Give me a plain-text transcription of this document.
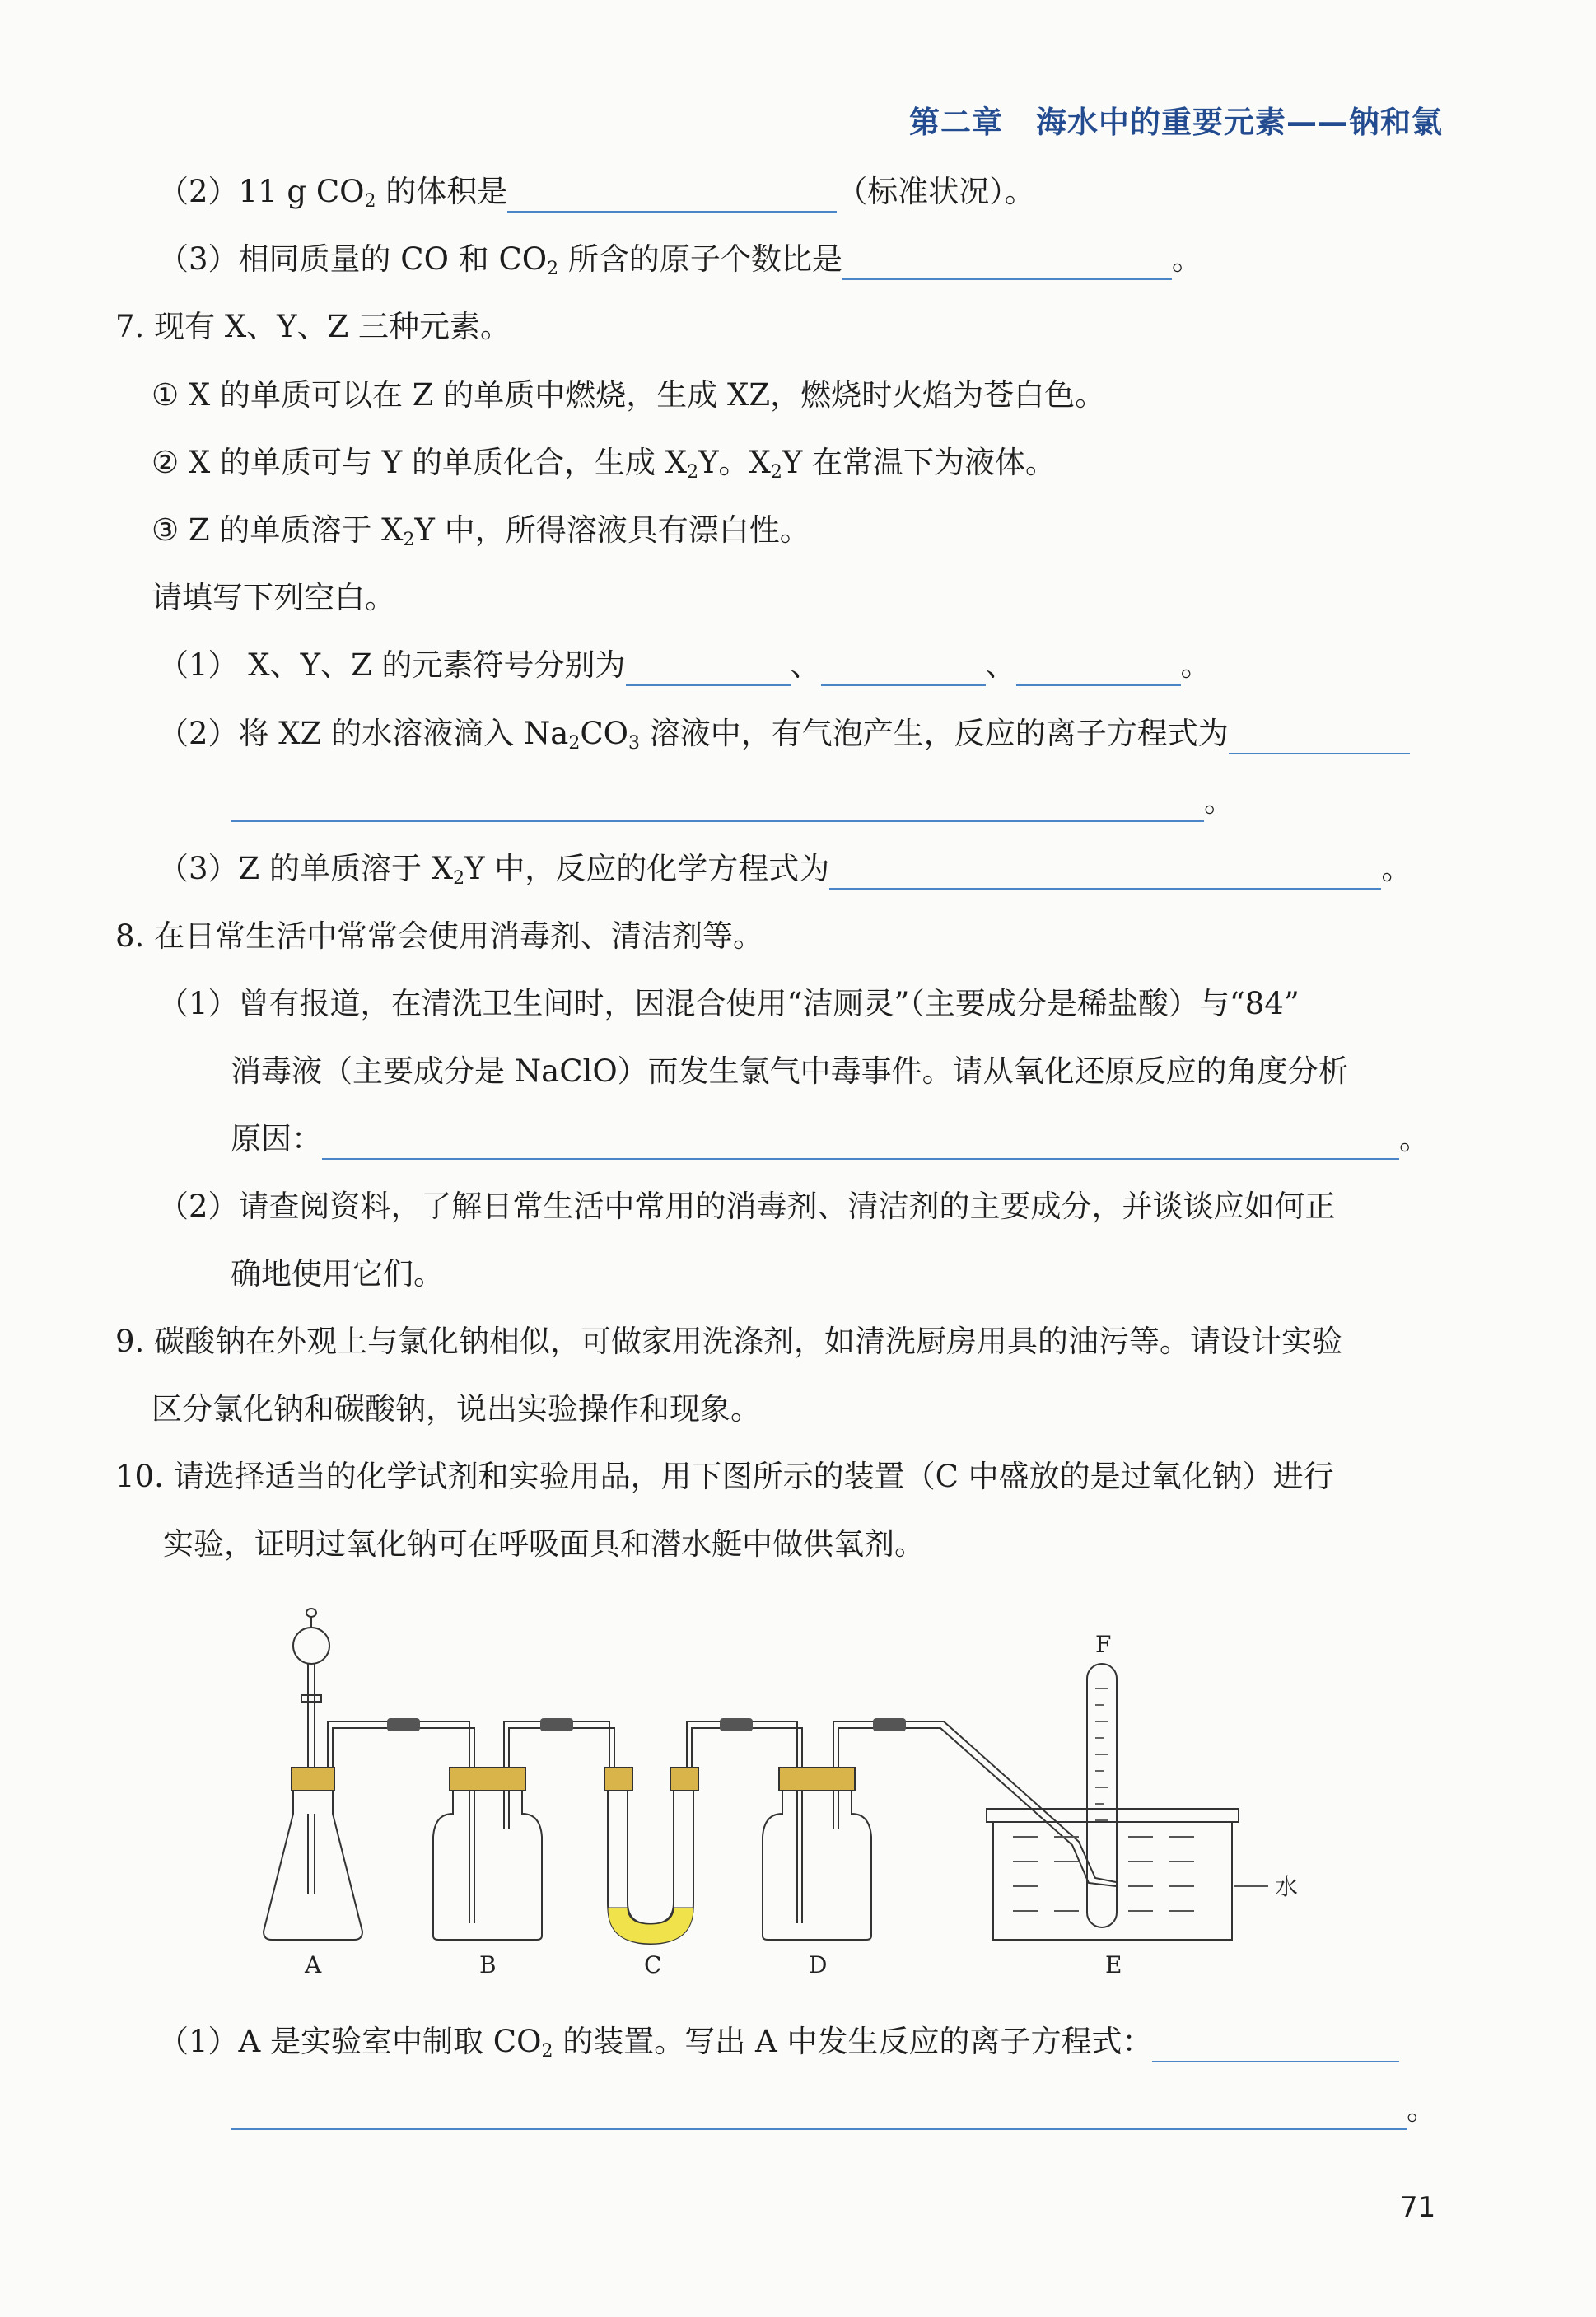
第二章 海水中的重要元素——钠和氯
（2）11 g $CO_2$ 的体积是	（标准状况）。
（3）相同质量的 CO 和 $CO_2$ 所含的原子个数比是	。
7. 现有 X、Y、Z 三种元素。
① X 的单质可以在 Z 的单质中燃烧，生成 XZ，燃烧时火焰为苍白色。
② X 的单质可与 Y 的单质化合，生成 $X_2Y$。$X_2Y$ 在常温下为液体。
③ Z 的单质溶于 $X_2Y$ 中，所得溶液具有漂白性。
请填写下列空白。
（1） X、Y、Z 的元素符号分别为	、	、	。
（2）将 XZ 的水溶液滴入 $Na_2CO_3$ 溶液中，有气泡产生，反应的离子方程式为
。
（3）Z 的单质溶于 $X_2Y$ 中，反应的化学方程式为	。
8. 在日常生活中常常会使用消毒剂、清洁剂等。
（1）曾有报道，在清洗卫生间时，因混合使用“洁厕灵”（主要成分是稀盐酸）与“84”
消毒液（主要成分是 NaClO）而发生氯气中毒事件。请从氧化还原反应的角度分析
原因：	。
（2）请查阅资料，了解日常生活中常用的消毒剂、清洁剂的主要成分，并谈谈应如何正
确地使用它们。
9. 碳酸钠在外观上与氯化钠相似，可做家用洗涤剂，如清洗厨房用具的油污等。请设计实验
区分氯化钠和碳酸钠，说出实验操作和现象。
10. 请选择适当的化学试剂和实验用品，用下图所示的装置（C 中盛放的是过氧化钠）进行
实验，证明过氧化钠可在呼吸面具和潜水艇中做供氧剂。
A	B	C	D	E
F
水
（1）A 是实验室中制取 $CO_2$ 的装置。写出 A 中发生反应的离子方程式：
。
71
